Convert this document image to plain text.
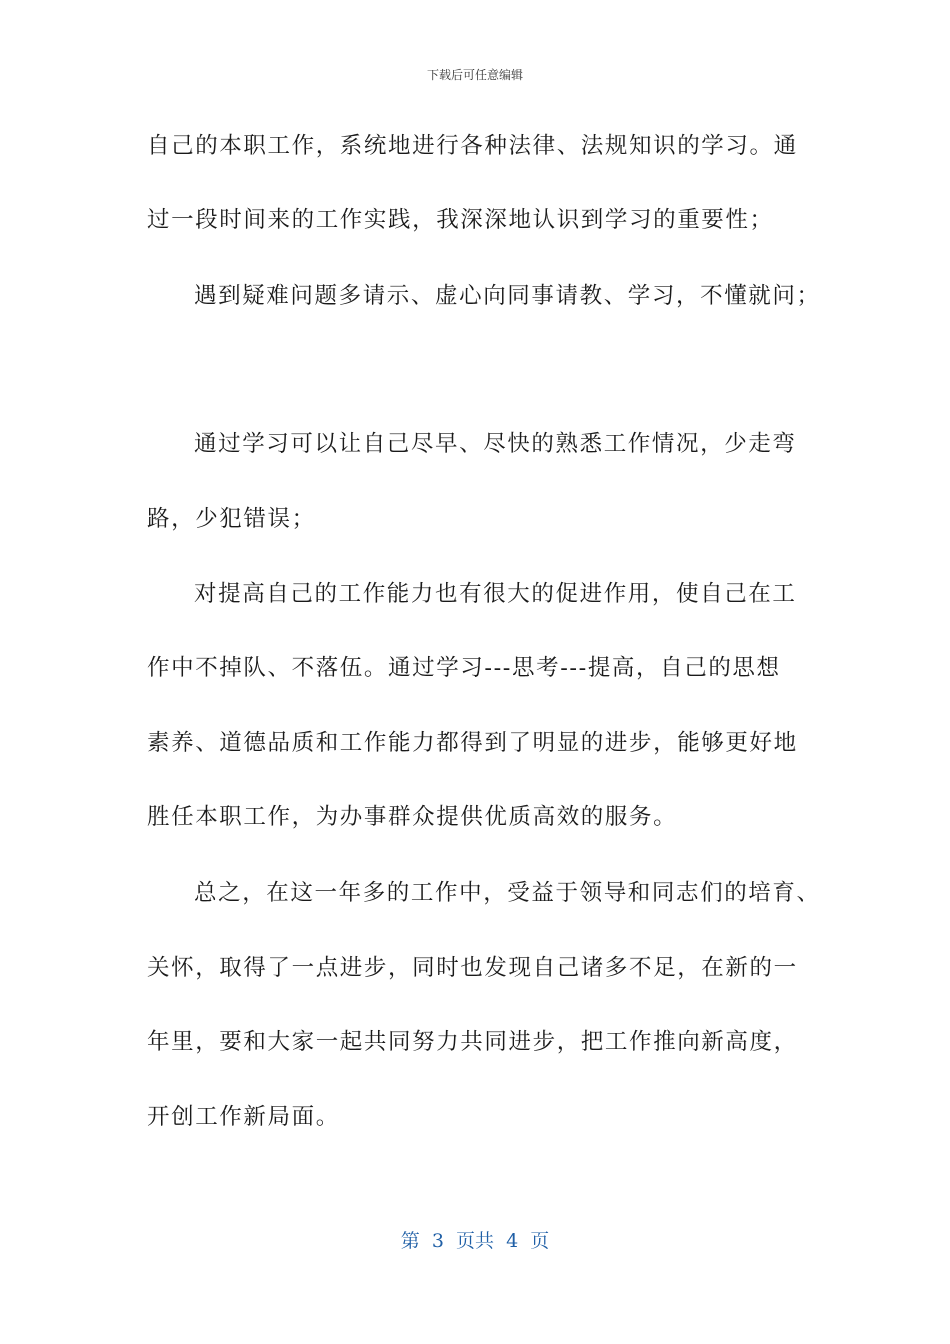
下载后可任意编辑
自己的本职工作，系统地进行各种法律、法规知识的学习。通
过一段时间来的工作实践，我深深地认识到学习的重要性；
遇到疑难问题多请示、虚心向同事请教、学习，不懂就问；
通过学习可以让自己尽早、尽快的熟悉工作情况，少走弯
路，少犯错误；
对提高自己的工作能力也有很大的促进作用，使自己在工
作中不掉队、不落伍。通过学习---思考---提高，自己的思想
素养、道德品质和工作能力都得到了明显的进步，能够更好地
胜任本职工作，为办事群众提供优质高效的服务。
总之，在这一年多的工作中，受益于领导和同志们的培育、
关怀，取得了一点进步，同时也发现自己诸多不足，在新的一
年里，要和大家一起共同努力共同进步，把工作推向新高度，
开创工作新局面。
第  3  页共  4  页
